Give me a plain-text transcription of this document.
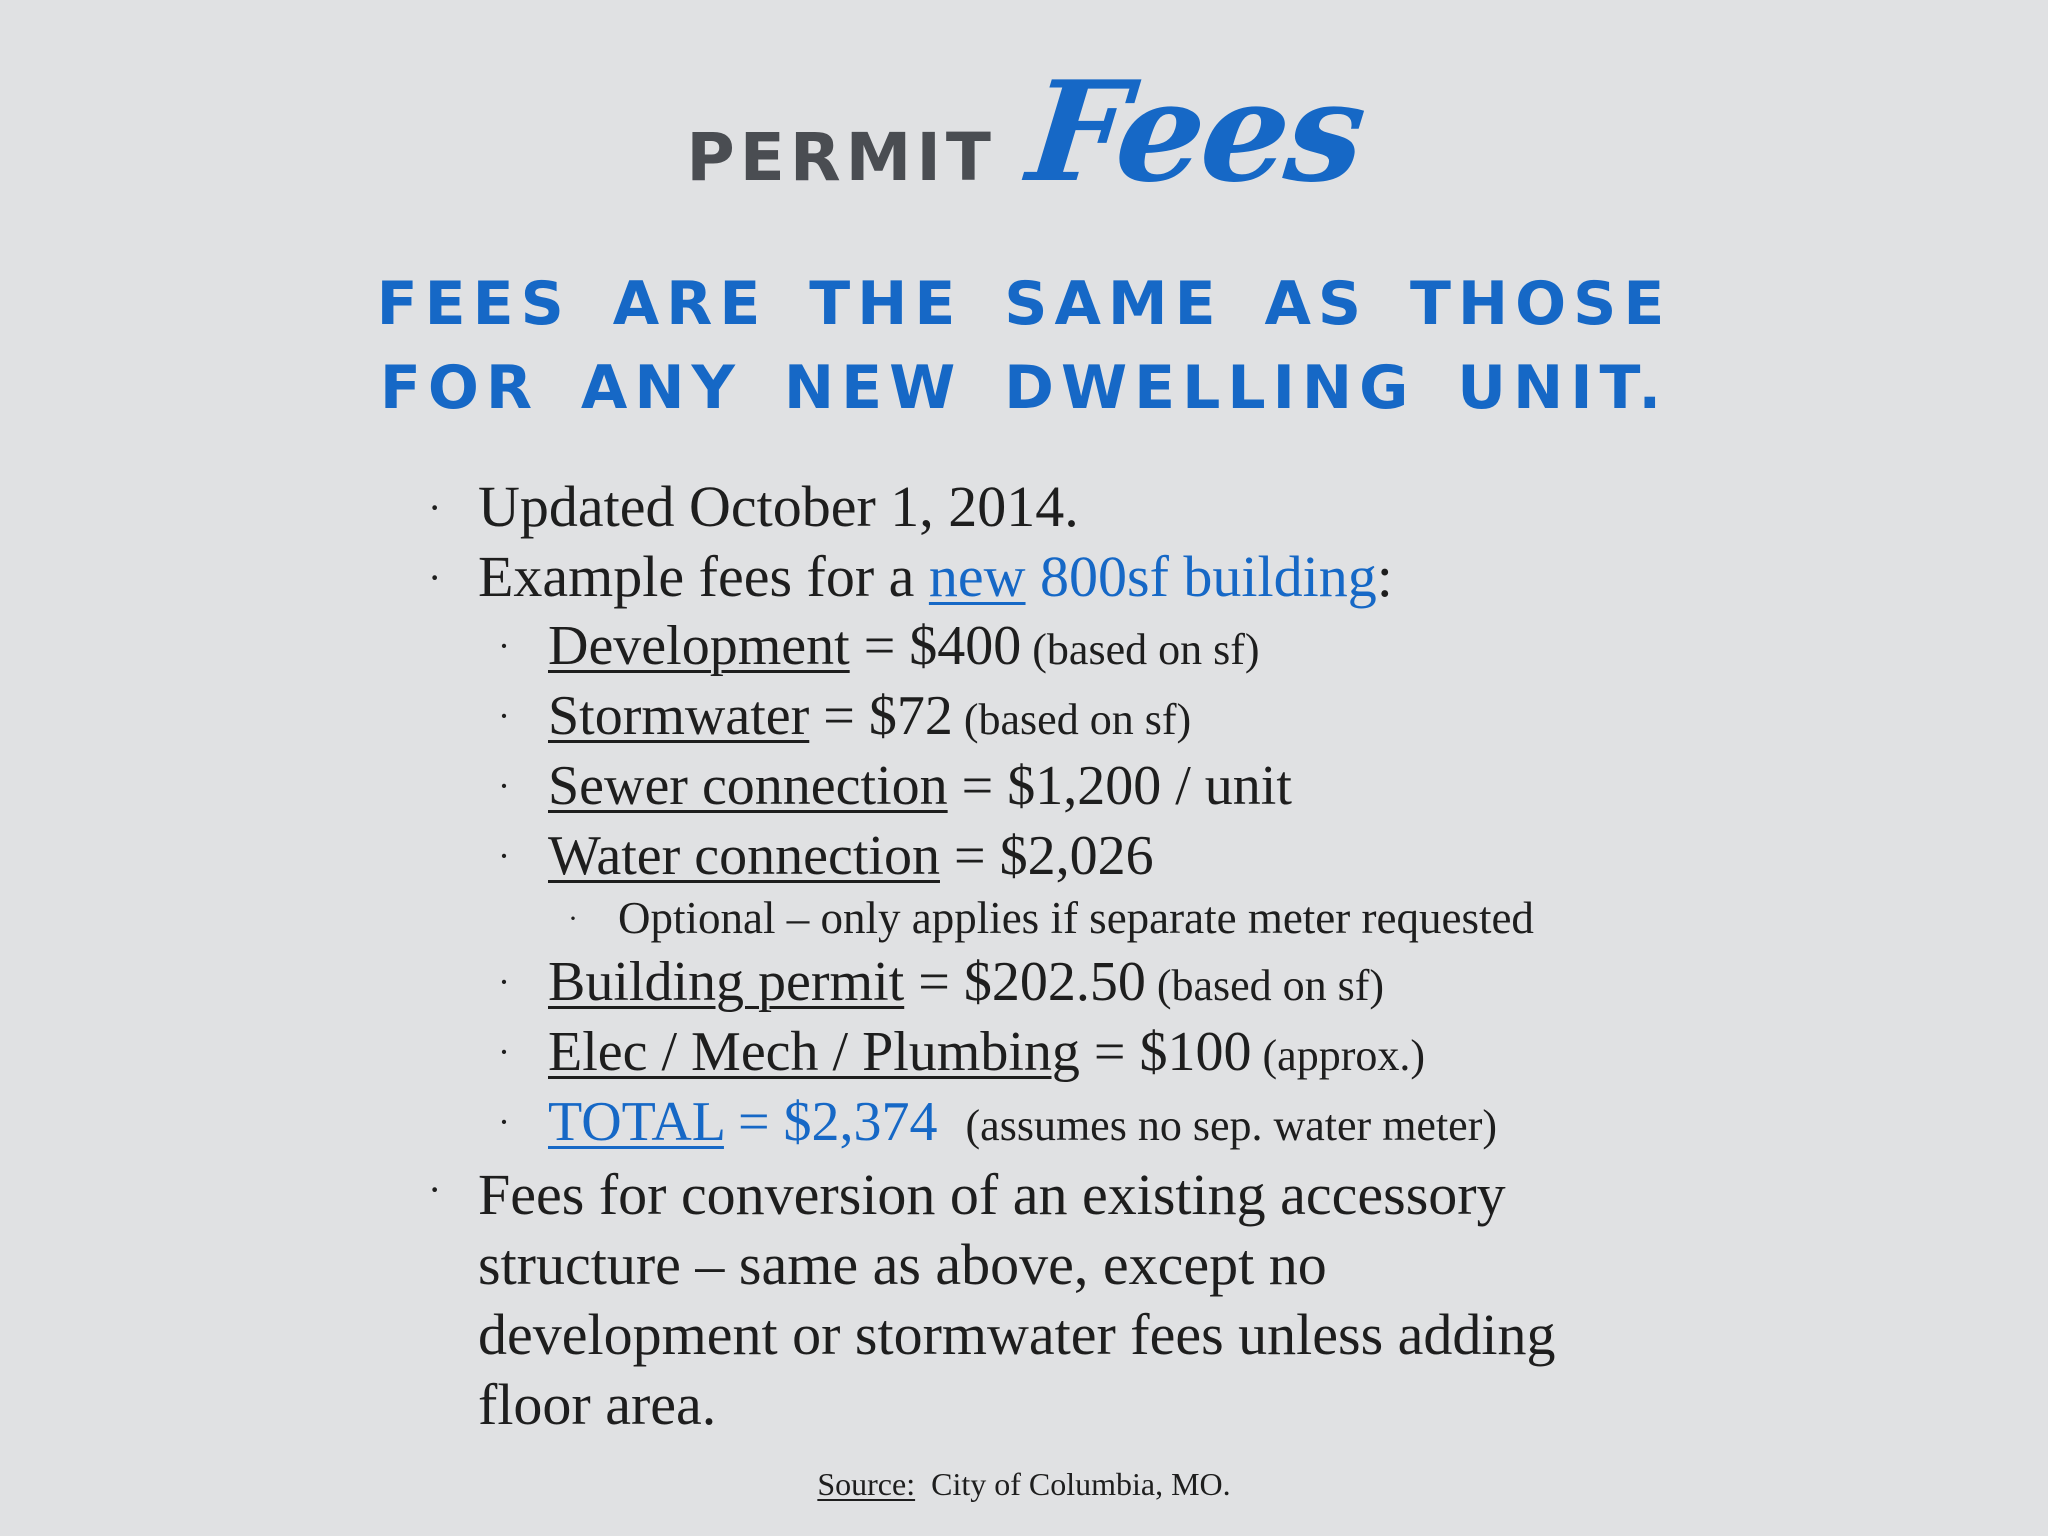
PERMIT Fees
FEES ARE THE SAME AS THOSE
FOR ANY NEW DWELLING UNIT.
· Updated October 1, 2014.
· Example fees for a new 800sf building:
· Development = $400 (based on sf)
· Stormwater = $72 (based on sf)
· Sewer connection = $1,200 / unit
· Water connection = $2,026
· Optional – only applies if separate meter requested
· Building permit = $202.50 (based on sf)
· Elec / Mech / Plumbing = $100 (approx.)
· TOTAL = $2,374 (assumes no sep. water meter)
· Fees for conversion of an existing accessory
structure – same as above, except no
development or stormwater fees unless adding
floor area.
Source: City of Columbia, MO.
